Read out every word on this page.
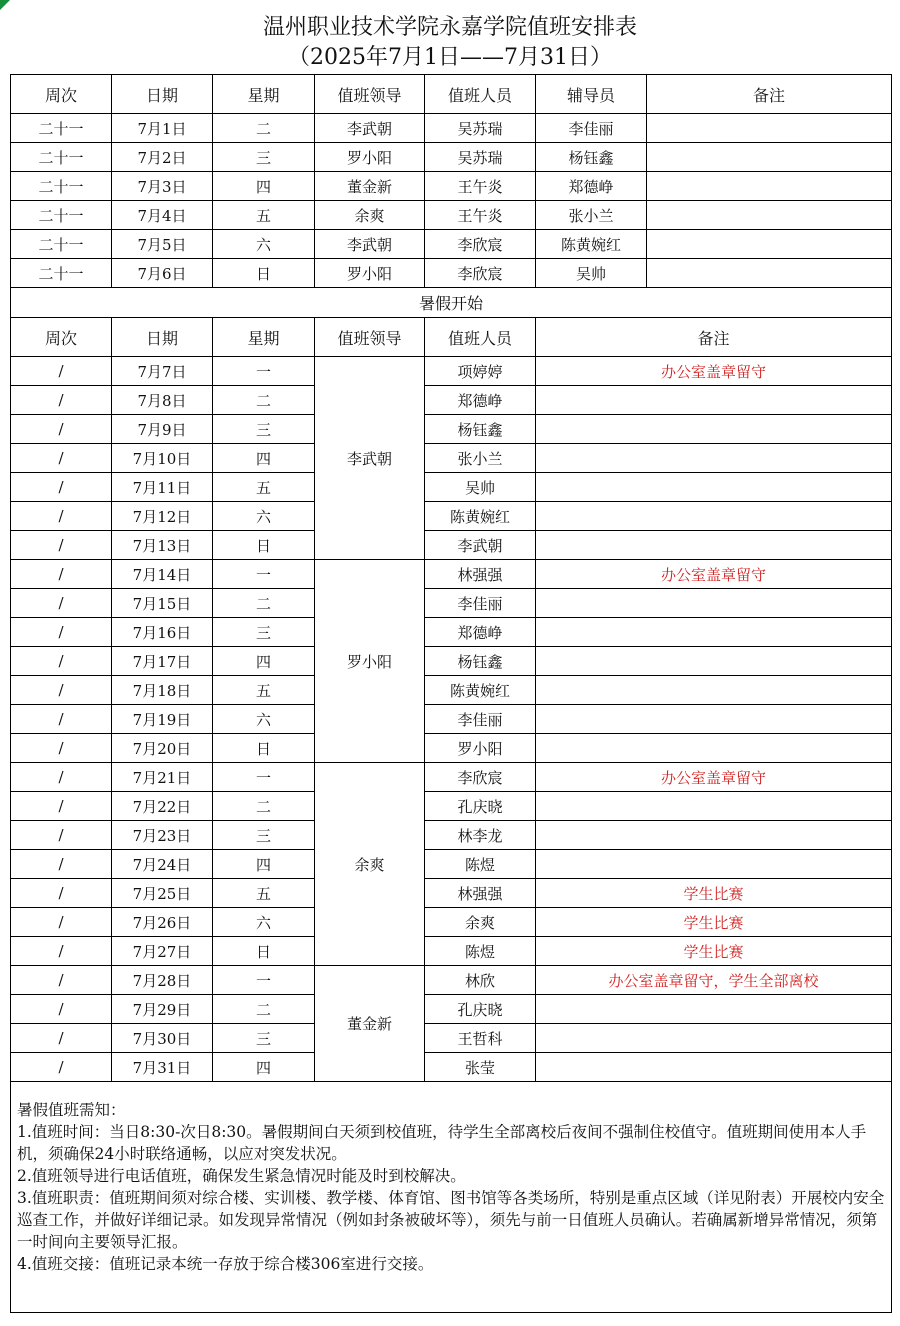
温州职业技术学院永嘉学院值班安排表
（2025年7月1日——7月31日）
周次	日期	星期	值班领导	值班人员	辅导员	备注
二十一	7月1日	二	李武朝	吴苏瑞	李佳丽	
二十一	7月2日	三	罗小阳	吴苏瑞	杨钰鑫	
二十一	7月3日	四	董金新	王午炎	郑德峥	
二十一	7月4日	五	余爽	王午炎	张小兰	
二十一	7月5日	六	李武朝	李欣宸	陈黄婉红	
二十一	7月6日	日	罗小阳	李欣宸	吴帅	
暑假开始						
周次	日期	星期	值班领导	值班人员	备注	
/	7月7日	一	李武朝	项婷婷	办公室盖章留守	
/	7月8日	二		郑德峥		
/	7月9日	三		杨钰鑫		
/	7月10日	四		张小兰		
/	7月11日	五		吴帅		
/	7月12日	六		陈黄婉红		
/	7月13日	日		李武朝		
/	7月14日	一	罗小阳	林强强	办公室盖章留守	
/	7月15日	二		李佳丽		
/	7月16日	三		郑德峥		
/	7月17日	四		杨钰鑫		
/	7月18日	五		陈黄婉红		
/	7月19日	六		李佳丽		
/	7月20日	日		罗小阳		
/	7月21日	一	余爽	李欣宸	办公室盖章留守	
/	7月22日	二		孔庆晓		
/	7月23日	三		林李龙		
/	7月24日	四		陈煜		
/	7月25日	五		林强强	学生比赛	
/	7月26日	六		余爽	学生比赛	
/	7月27日	日		陈煜	学生比赛	
/	7月28日	一	董金新	林欣	办公室盖章留守，学生全部离校	
/	7月29日	二		孔庆晓		
/	7月30日	三		王哲科		
/	7月31日	四		张莹		

暑假值班需知：
1.值班时间：当日8:30-次日8:30。暑假期间白天须到校值班，待学生全部离校后夜间不强制住校值守。值班期间使用本人手机，须确保24小时联络通畅，以应对突发状况。
2.值班领导进行电话值班，确保发生紧急情况时能及时到校解决。
3.值班职责：值班期间须对综合楼、实训楼、教学楼、体育馆、图书馆等各类场所，特别是重点区域（详见附表）开展校内安全巡查工作，并做好详细记录。如发现异常情况（例如封条被破坏等），须先与前一日值班人员确认。若确属新增异常情况，须第一时间向主要领导汇报。
4.值班交接：值班记录本统一存放于综合楼306室进行交接。						
